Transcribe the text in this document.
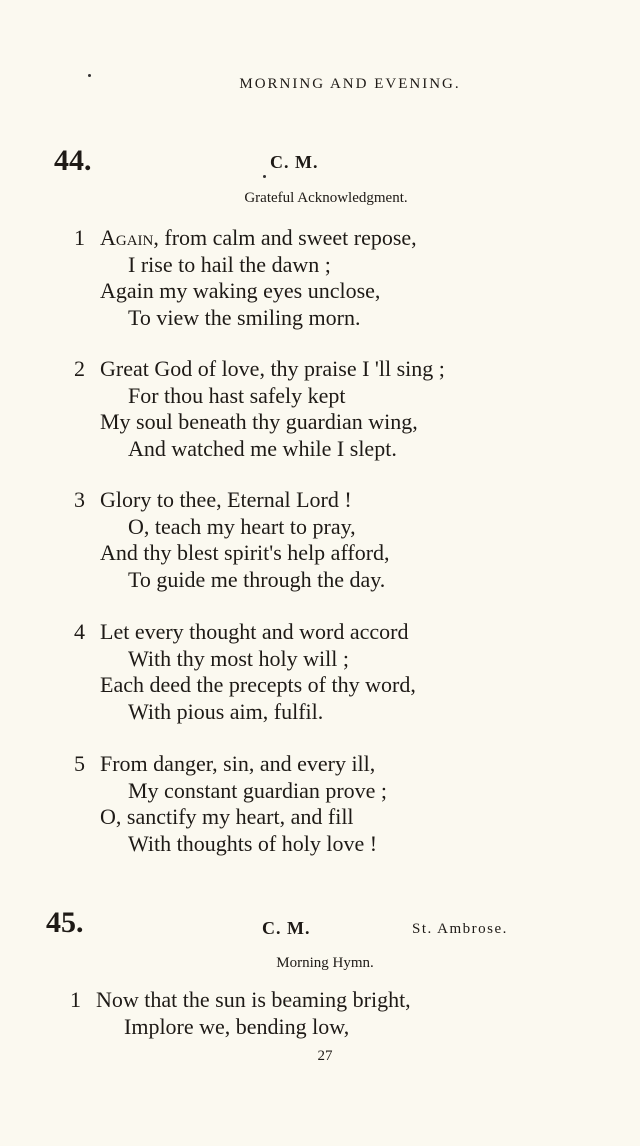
MORNING AND EVENING.
44.	C. M.
Grateful Acknowledgment.
1 Again, from calm and sweet repose,
I rise to hail the dawn ;
Again my waking eyes unclose,
To view the smiling morn.
2 Great God of love, thy praise I 'll sing ;
For thou hast safely kept
My soul beneath thy guardian wing,
And watched me while I slept.
3 Glory to thee, Eternal Lord !
O, teach my heart to pray,
And thy blest spirit's help afford,
To guide me through the day.
4 Let every thought and word accord
With thy most holy will ;
Each deed the precepts of thy word,
With pious aim, fulfil.
5 From danger, sin, and every ill,
My constant guardian prove ;
O, sanctify my heart, and fill
With thoughts of holy love !
45.	C. M.	St. Ambrose.
Morning Hymn.
1 Now that the sun is beaming bright,
Implore we, bending low,
27
